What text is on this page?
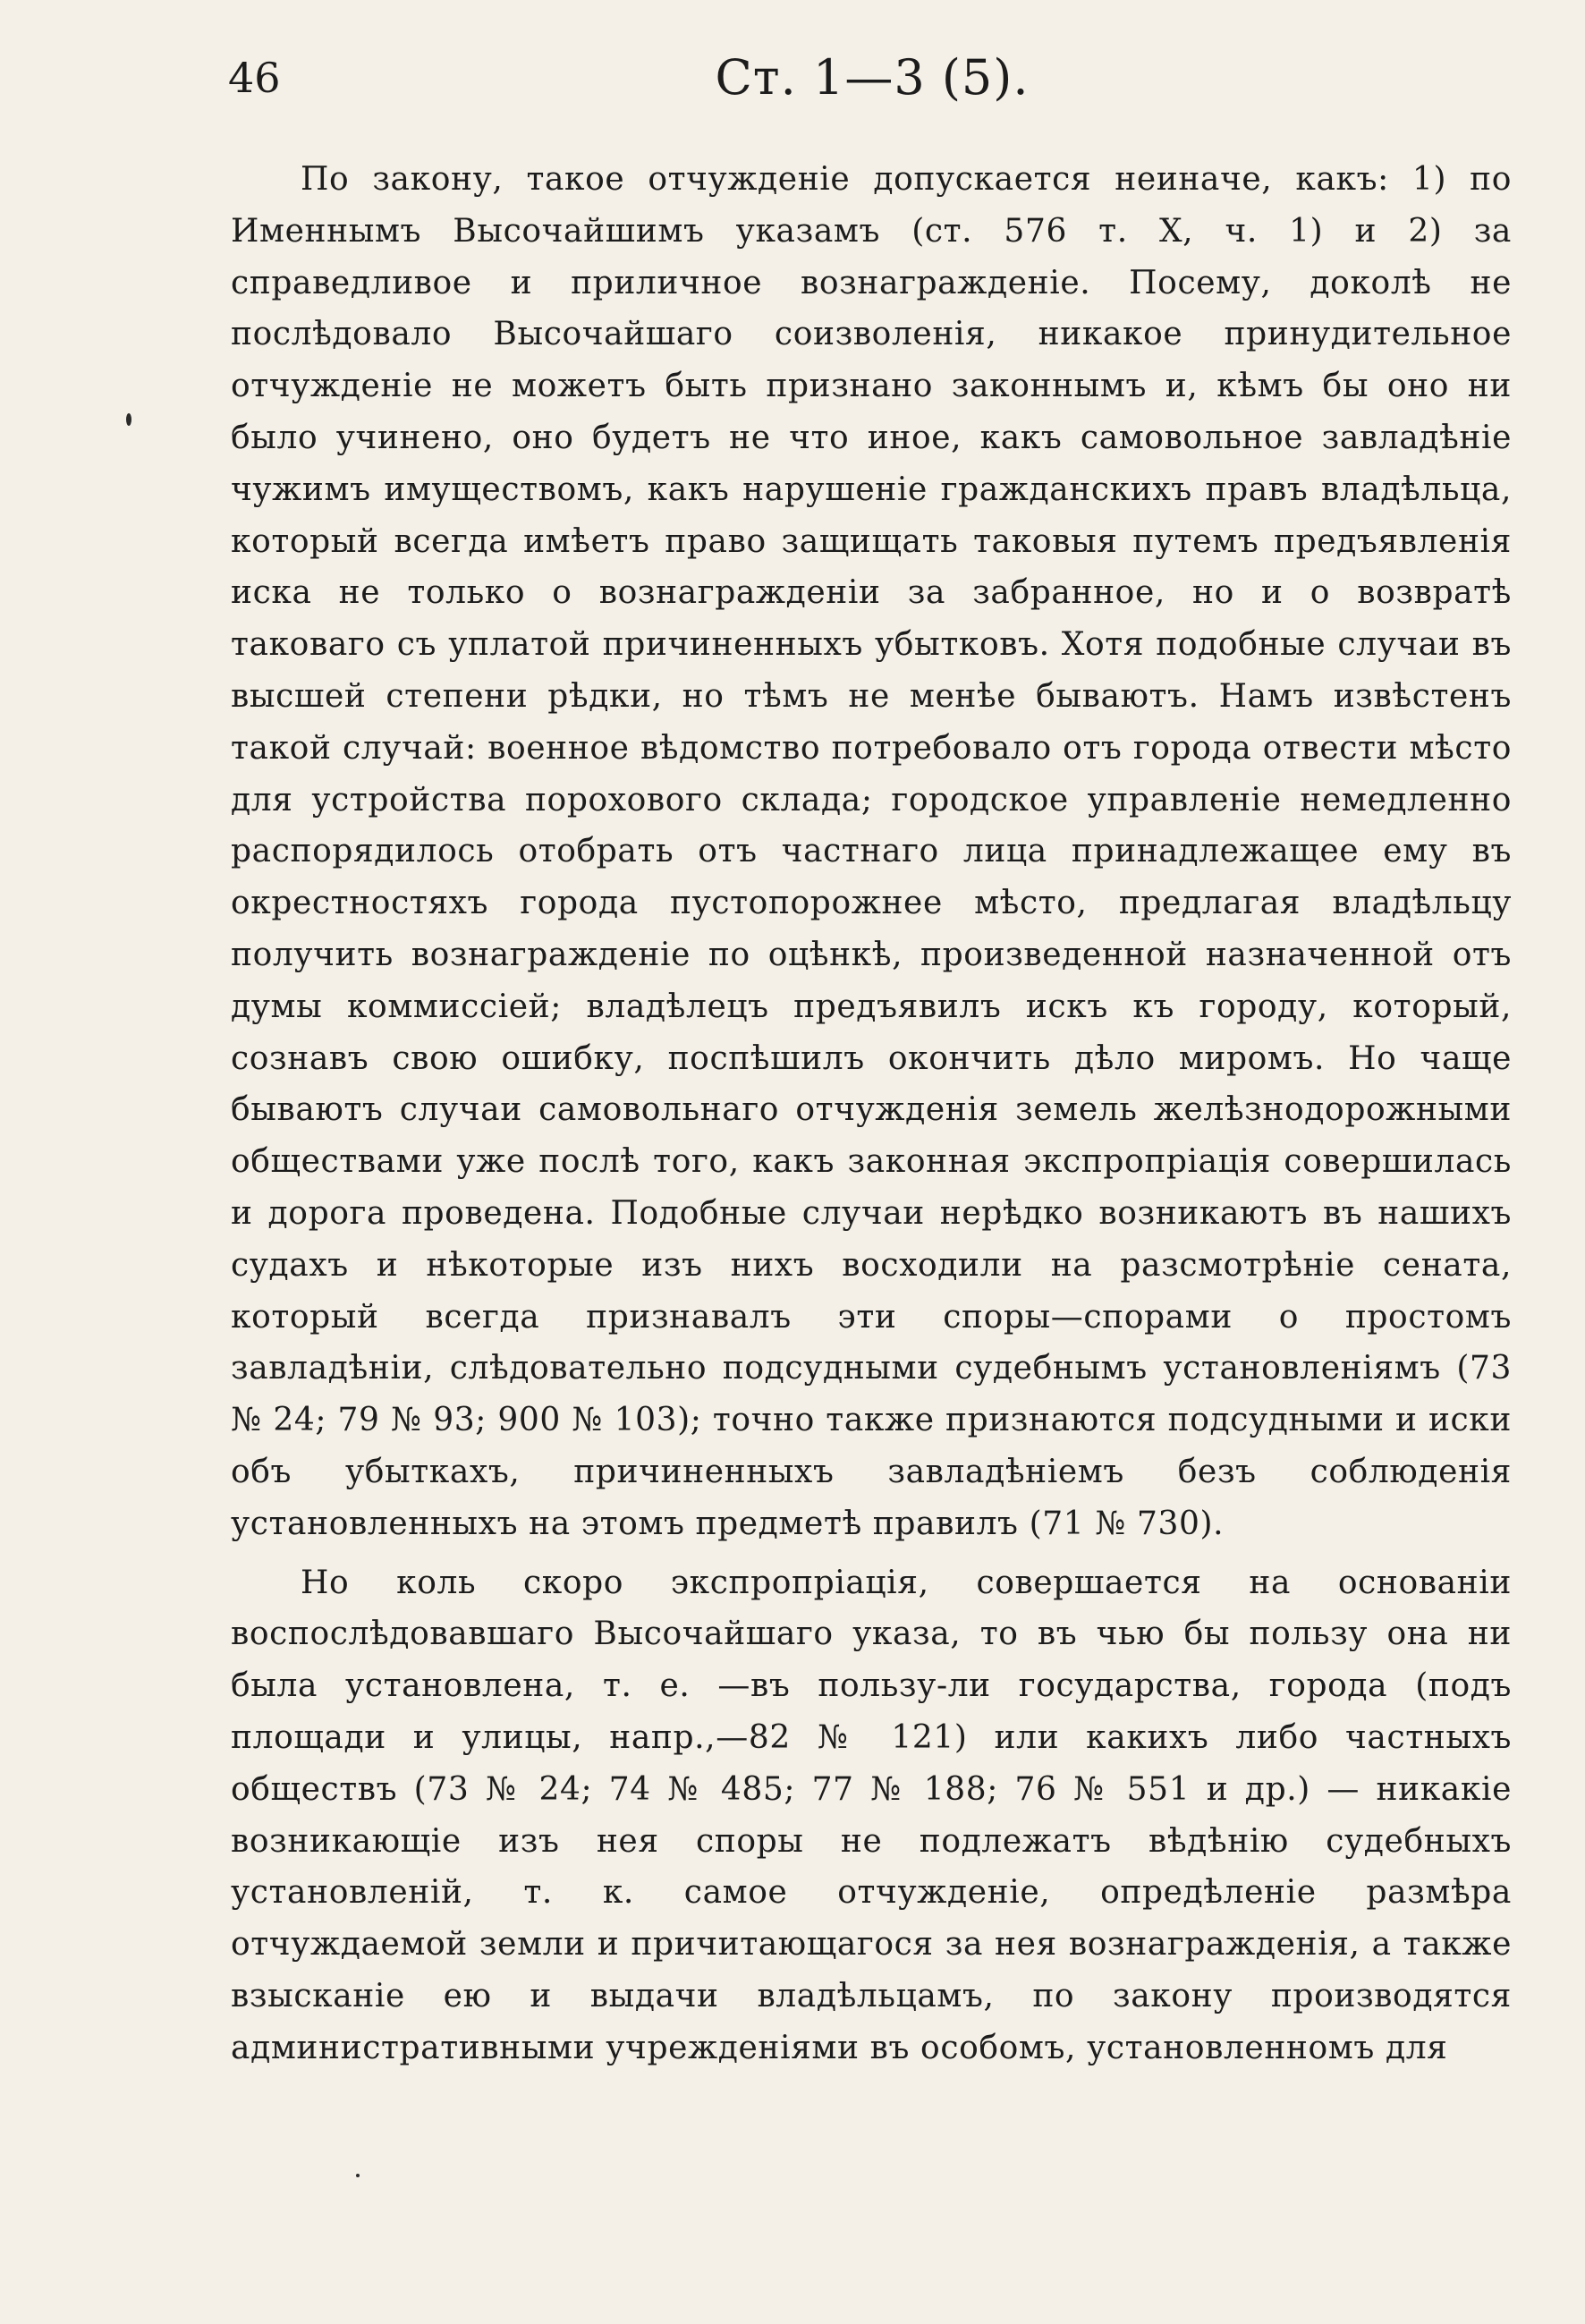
46	Ст. 1—3 (5).

По закону, такое отчужденіе допускается неиначе, какъ: 1) по Именнымъ Высочайшимъ указамъ (ст. 576 т. X, ч. 1) и 2) за справедливое и приличное вознагражденіе. Посему, доколѣ не послѣдовало Высочайшаго соизволенія, никакое принудительное отчужденіе не можетъ быть признано законнымъ и, кѣмъ бы оно ни было учинено, оно будетъ не что иное, какъ самовольное завладѣніе чужимъ имуществомъ, какъ нарушеніе гражданскихъ правъ владѣльца, который всегда имѣетъ право защищать таковыя путемъ предъявленія иска не только о вознагражденіи за забранное, но и о возвратѣ таковаго съ уплатой причиненныхъ убытковъ. Хотя подобные случаи въ высшей степени рѣдки, но тѣмъ не менѣе бываютъ. Намъ извѣстенъ такой случай: военное вѣдомство потребовало отъ города отвести мѣсто для устройства порохового склада; городское управленіе немедленно распорядилось отобрать отъ частнаго лица принадлежащее ему въ окрестностяхъ города пустопорожнее мѣсто, предлагая владѣльцу получить вознагражденіе по оцѣнкѣ, произведенной назначенной отъ думы коммиссіей; владѣлецъ предъявилъ искъ къ городу, который, сознавъ свою ошибку, поспѣшилъ окончить дѣло миромъ. Но чаще бываютъ случаи самовольнаго отчужденія земель желѣзнодорожными обществами уже послѣ того, какъ законная экспропріація совершилась и дорога проведена. Подобные случаи нерѣдко возникаютъ въ нашихъ судахъ и нѣкоторые изъ нихъ восходили на разсмотрѣніе сената, который всегда признавалъ эти споры—спорами о простомъ завладѣніи, слѣдовательно подсудными судебнымъ установленіямъ (73 № 24; 79 № 93; 900 № 103); точно также признаются подсудными и иски объ убыткахъ, причиненныхъ завладѣніемъ безъ соблюденія установленныхъ на этомъ предметѣ правилъ (71 № 730).

Но коль скоро экспропріація, совершается на основаніи воспослѣдовавшаго Высочайшаго указа, то въ чью бы пользу она ни была установлена, т. е. —въ пользу-ли государства, города (подъ площади и улицы, напр.,—82 № 121) или какихъ либо частныхъ обществъ (73 № 24; 74 № 485; 77 № 188; 76 № 551 и др.) — никакіе возникающіе изъ нея споры не подлежатъ вѣдѣнію судебныхъ установленій, т. к. самое отчужденіе, опредѣленіе размѣра отчуждаемой земли и причитающагося за нея вознагражденія, а также взысканіе ею и выдачи владѣльцамъ, по закону производятся административными учрежденіями въ особомъ, установленномъ для
